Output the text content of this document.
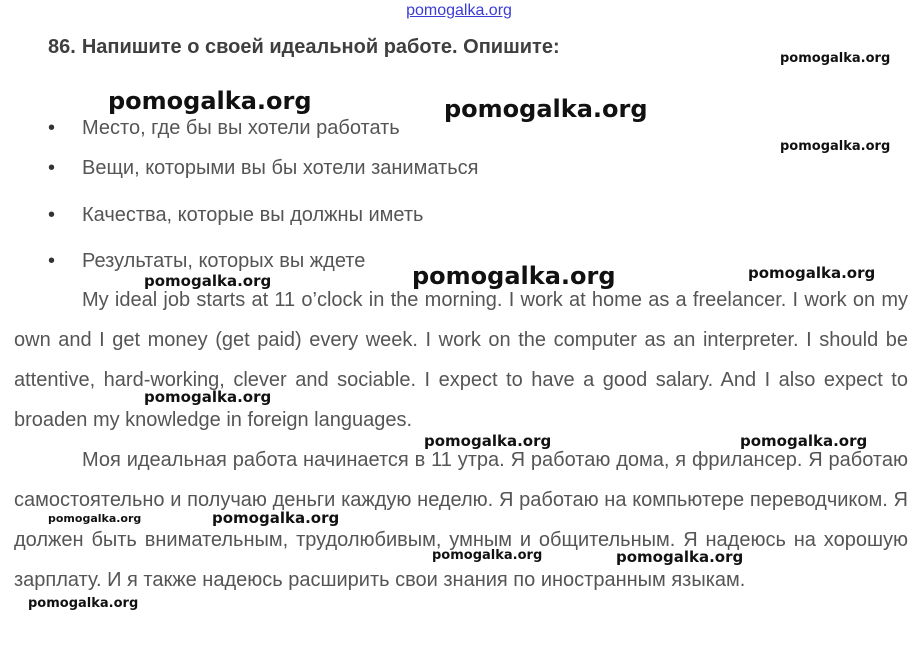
pomogalka.org
86. Напишите о своей идеальной работе. Опишите:
• Место, где бы вы хотели работать
• Вещи, которыми вы бы хотели заниматься
• Качества, которые вы должны иметь
• Результаты, которых вы ждете

My ideal job starts at 11 o’clock in the morning. I work at home as a freelancer. I work on my own and I get money (get paid) every week. I work on the computer as an interpreter. I should be attentive, hard-working, clever and sociable. I expect to have a good salary. And I also expect to broaden my knowledge in foreign languages.

Моя идеальная работа начинается в 11 утра. Я работаю дома, я фрилансер. Я работаю самостоятельно и получаю деньги каждую неделю. Я работаю на компьютере переводчиком. Я должен быть внимательным, трудолюбивым, умным и общительным. Я надеюсь на хорошую зарплату. И я также надеюсь расширить свои знания по иностранным языкам.

pomogalka.org
pomogalka.org	pomogalka.org
pomogalka.org
pomogalka.org	pomogalka.org	pomogalka.org
pomogalka.org
pomogalka.org	pomogalka.org
pomogalka.org	pomogalka.org
pomogalka.org	pomogalka.org
pomogalka.org
